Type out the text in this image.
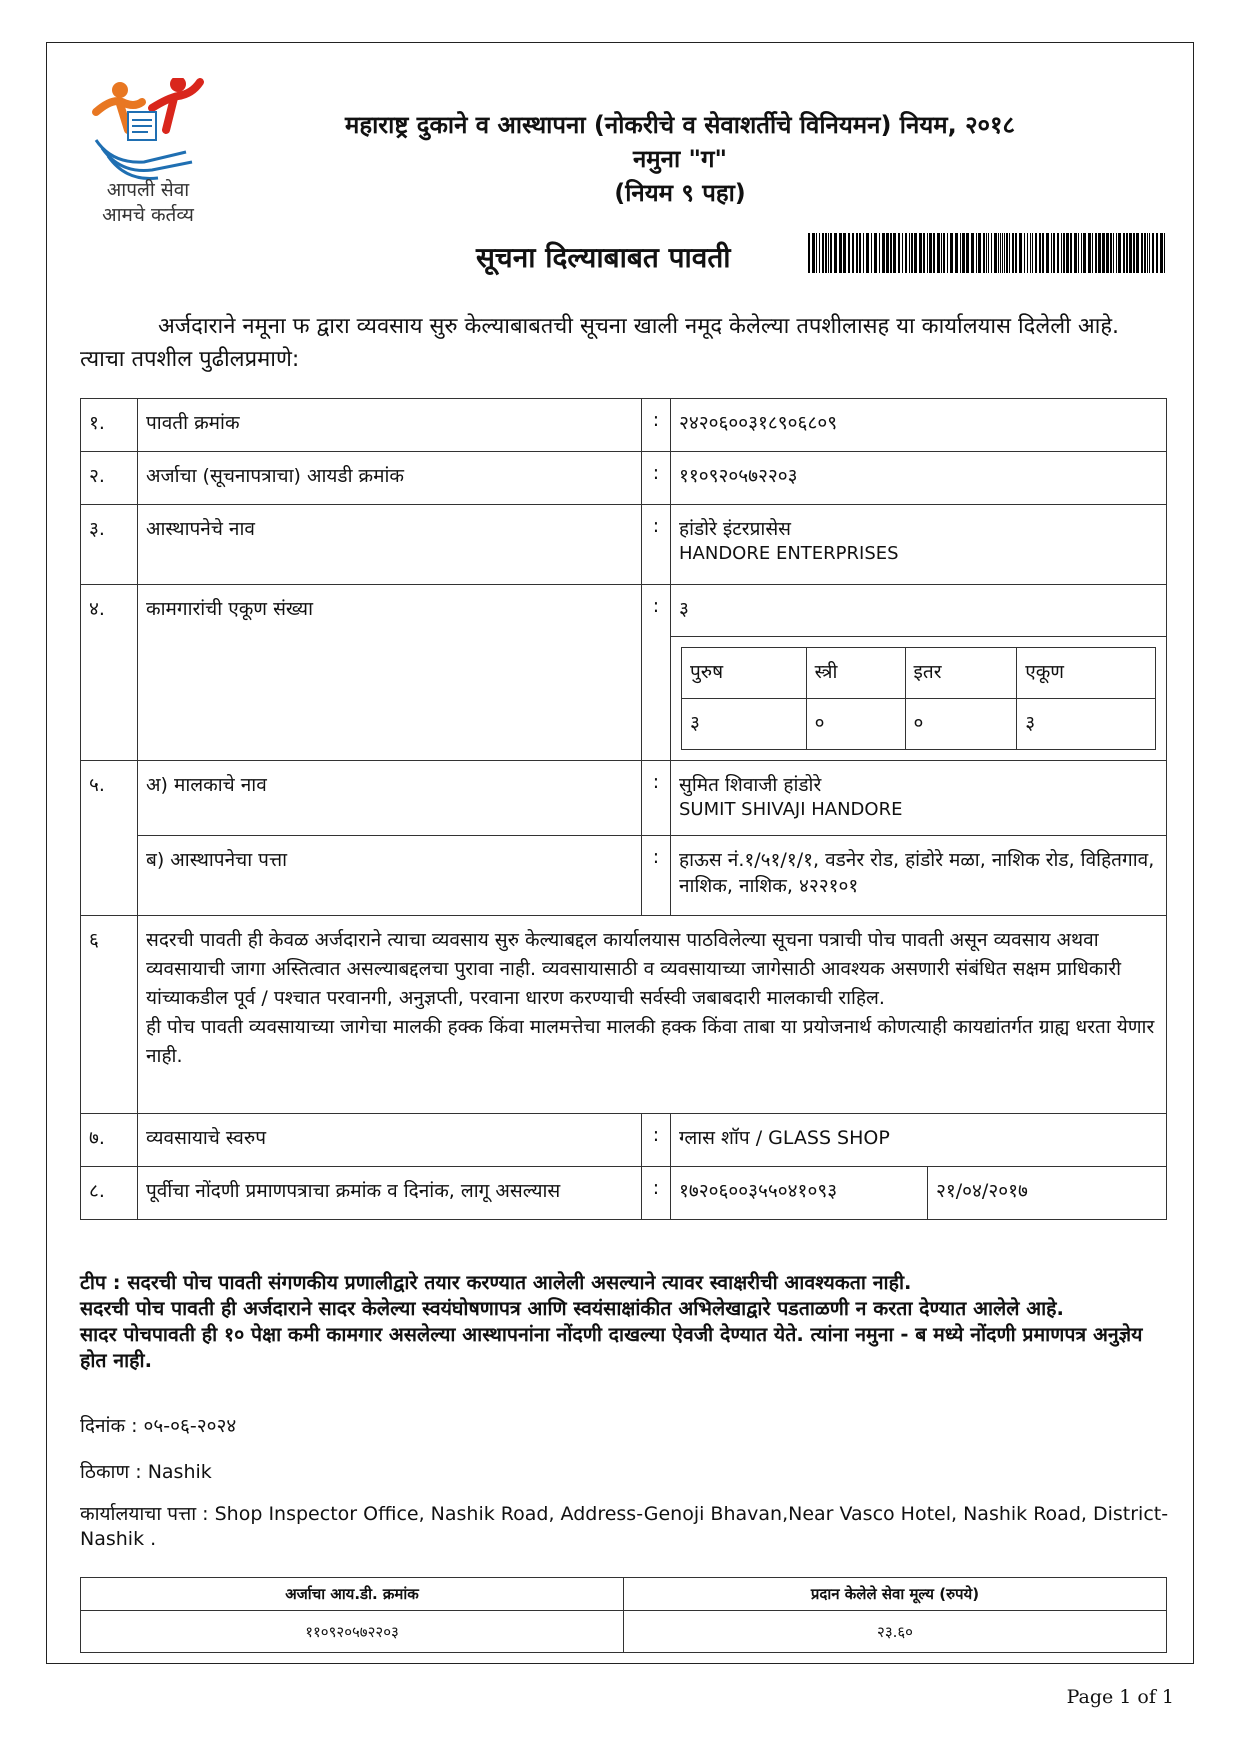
आपली सेवा
आमचे कर्तव्य
महाराष्ट्र दुकाने व आस्थापना (नोकरीचे व सेवाशर्तीचे विनियमन) नियम, २०१८
नमुना "ग"
(नियम ९ पहा)
सूचना दिल्याबाबत पावती
अर्जदाराने नमूना फ द्वारा व्यवसाय सुरु केल्याबाबतची सूचना खाली नमूद केलेल्या तपशीलासह या कार्यालयास दिलेली आहे. त्याचा तपशील पुढीलप्रमाणे:
१.	पावती क्रमांक	:	२४२०६००३१८९०६८०९
२.	अर्जाचा (सूचनापत्राचा) आयडी क्रमांक	:	११०९२०५७२२०३
३.	आस्थापनेचे नाव	:	हांडोरे इंटरप्रासेस
HANDORE ENTERPRISES

४.	कामगारांची एकूण संख्या	:	३

पुरुष	स्त्री	इतर	एकूण
३	०	०	३

५.	अ) मालकाचे नाव	:	सुमित शिवाजी हांडोरे
SUMIT SHIVAJI HANDORE

ब) आस्थापनेचा पत्ता	:	हाऊस नं.१/५१/१/१, वडनेर रोड, हांडोरे मळा, नाशिक रोड, विहितगाव, नाशिक, नाशिक, ४२२१०१
६	सदरची पावती ही केवळ अर्जदाराने त्याचा व्यवसाय सुरु केल्याबद्दल कार्यालयास पाठविलेल्या सूचना पत्राची पोच पावती असून व्यवसाय अथवा व्यवसायाची जागा अस्तित्वात असल्याबद्दलचा पुरावा नाही. व्यवसायासाठी व व्यवसायाच्या जागेसाठी आवश्यक असणारी संबंधित सक्षम प्राधिकारी यांच्याकडील पूर्व / पश्चात परवानगी, अनुज्ञप्ती, परवाना धारण करण्याची सर्वस्वी जबाबदारी मालकाची राहिल.
ही पोच पावती व्यवसायाच्या जागेचा मालकी हक्क किंवा मालमत्तेचा मालकी हक्क किंवा ताबा या प्रयोजनार्थ कोणत्याही कायद्यांतर्गत ग्राह्य धरता येणार नाही.

७.	व्यवसायाचे स्वरुप	:	ग्लास शॉप / GLASS SHOP
८.	पूर्वीचा नोंदणी प्रमाणपत्राचा क्रमांक व दिनांक, लागू असल्यास	:	१७२०६००३५५०४१०९३	२१/०४/२०१७
टीप : सदरची पोच पावती संगणकीय प्रणालीद्वारे तयार करण्यात आलेली असल्याने त्यावर स्वाक्षरीची आवश्यकता नाही.
सदरची पोच पावती ही अर्जदाराने सादर केलेल्या स्वयंघोषणापत्र आणि स्वयंसाक्षांकीत अभिलेखाद्वारे पडताळणी न करता देण्यात आलेले आहे.
सादर पोचपावती ही १० पेक्षा कमी कामगार असलेल्या आस्थापनांना नोंदणी दाखल्या ऐवजी देण्यात येते. त्यांना नमुना - ब मध्ये नोंदणी प्रमाणपत्र अनुज्ञेय होत नाही.
दिनांक : ०५-०६-२०२४
ठिकाण : Nashik
कार्यालयाचा पत्ता : Shop Inspector Office, Nashik Road, Address-Genoji Bhavan,Near Vasco Hotel, Nashik Road, District-Nashik .
अर्जाचा आय.डी. क्रमांक	प्रदान केलेले सेवा मूल्य (रुपये)
११०९२०५७२२०३	२३.६०
Page 1 of 1
